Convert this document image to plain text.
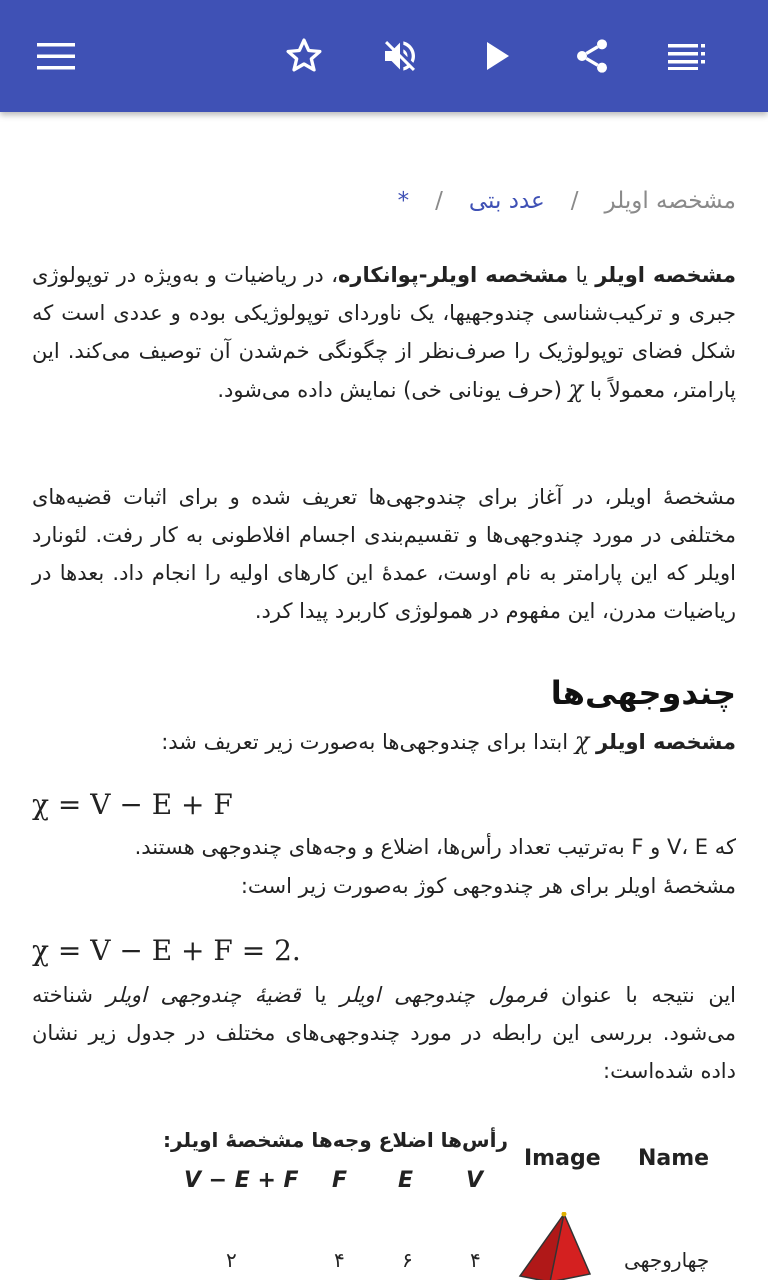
مشخصه اویلر
/
عدد بتی
/
*

مشخصه اویلر یا مشخصه اویلر-پوانکاره، در ریاضیات و به‌ویژه در توپولوژی جبری و ترکیب‌شناسی چندوجهیها، یک ناوردای توپولوژیکی بوده و عددی است که شکل فضای توپولوژیک را صرف‌نظر از چگونگی خم‌شدن آن توصیف می‌کند. این پارامتر، معمولاً با χ (حرف یونانی خی) نمایش داده می‌شود.

مشخصهٔ اویلر، در آغاز برای چندوجهی‌ها تعریف شده و برای اثبات قضیه‌های مختلفی در مورد چندوجهی‌ها و تقسیم‌بندی اجسام افلاطونی به کار رفت. لئونارد اویلر که این پارامتر به نام اوست، عمدهٔ این کارهای اولیه را انجام داد. بعدها در ریاضیات مدرن، این مفهوم در همولوژی کاربرد پیدا کرد.

چندوجهی‌ها

مشخصه اویلر χ ابتدا برای چندوجهی‌ها به‌صورت زیر تعریف شد:

χ = V − E + F

که V، E و F به‌ترتیب تعداد رأس‌ها، اضلاع و وجه‌های چندوجهی هستند.

مشخصهٔ اویلر برای هر چندوجهی کوژ به‌صورت زیر است:

χ = V − E + F = 2.

این نتیجه با عنوان فرمول چندوجهی اویلر یا قضیهٔ چندوجهی اویلر شناخته می‌شود. بررسی این رابطه در مورد چندوجهی‌های مختلف در جدول زیر نشان داده شده‌است:

Name
Image
رأس‌ها اضلاع وجه‌ها مشخصهٔ اویلر:
V
E
F
V − E + F
چهاروجهی
۴
۶
۴
۲
